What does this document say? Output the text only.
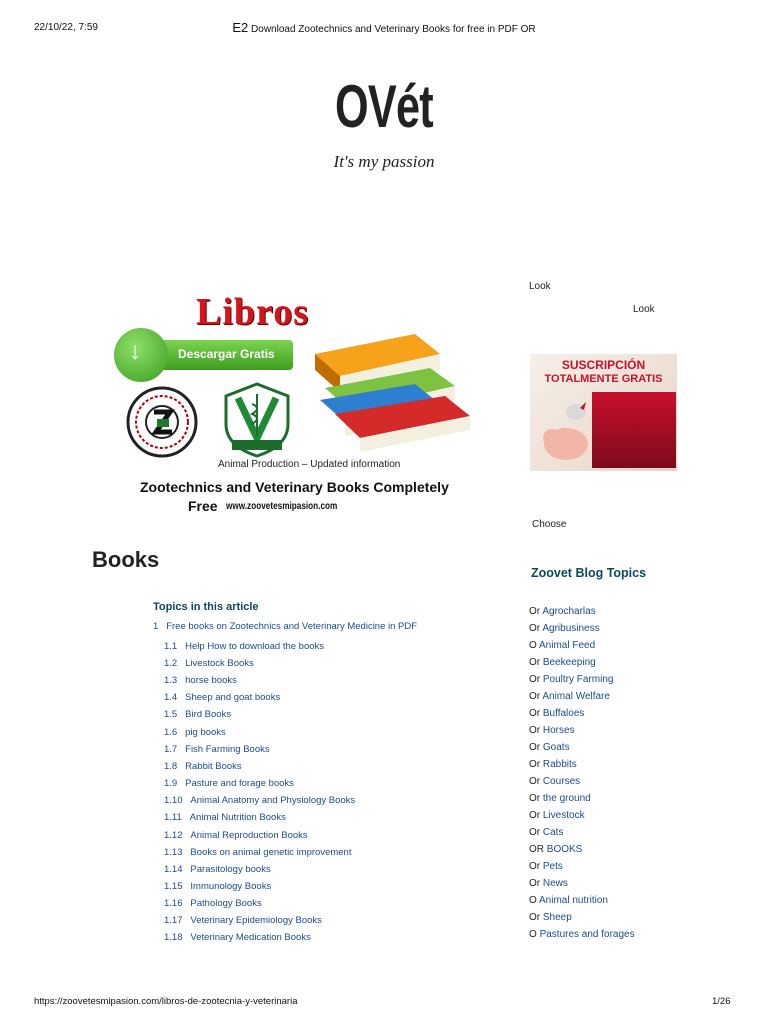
22/10/22, 7:59	E2 Download Zootechnics and Veterinary Books for free in PDF OR
OVét
It's my passion
Look
Look
Libros
↓	Descargar Gratis
Animal Production – Updated information
Zootechnics and Veterinary Books Completely
Free www.zoovetesmipasion.com
SUSCRIPCIÓN
TOTALMENTE GRATIS
Choose
Books
Topics in this article
1 Free books on Zootechnics and Veterinary Medicine in PDF
1.1 Help How to download the books
1.2 Livestock Books
1.3 horse books
1.4 Sheep and goat books
1.5 Bird Books
1.6 pig books
1.7 Fish Farming Books
1.8 Rabbit Books
1.9 Pasture and forage books
1.10 Animal Anatomy and Physiology Books
1.11 Animal Nutrition Books
1.12 Animal Reproduction Books
1.13 Books on animal genetic improvement
1.14 Parasitology books
1.15 Immunology Books
1.16 Pathology Books
1.17 Veterinary Epidemiology Books
1.18 Veterinary Medication Books
Zoovet Blog Topics
Or Agrocharlas
Or Agribusiness
O Animal Feed
Or Beekeeping
Or Poultry Farming
Or Animal Welfare
Or Buffaloes
Or Horses
Or Goats
Or Rabbits
Or Courses
Or the ground
Or Livestock
Or Cats
OR BOOKS
Or Pets
Or News
O Animal nutrition
Or Sheep
O Pastures and forages
https://zoovetesmipasion.com/libros-de-zootecnia-y-veterinaria	1/26
